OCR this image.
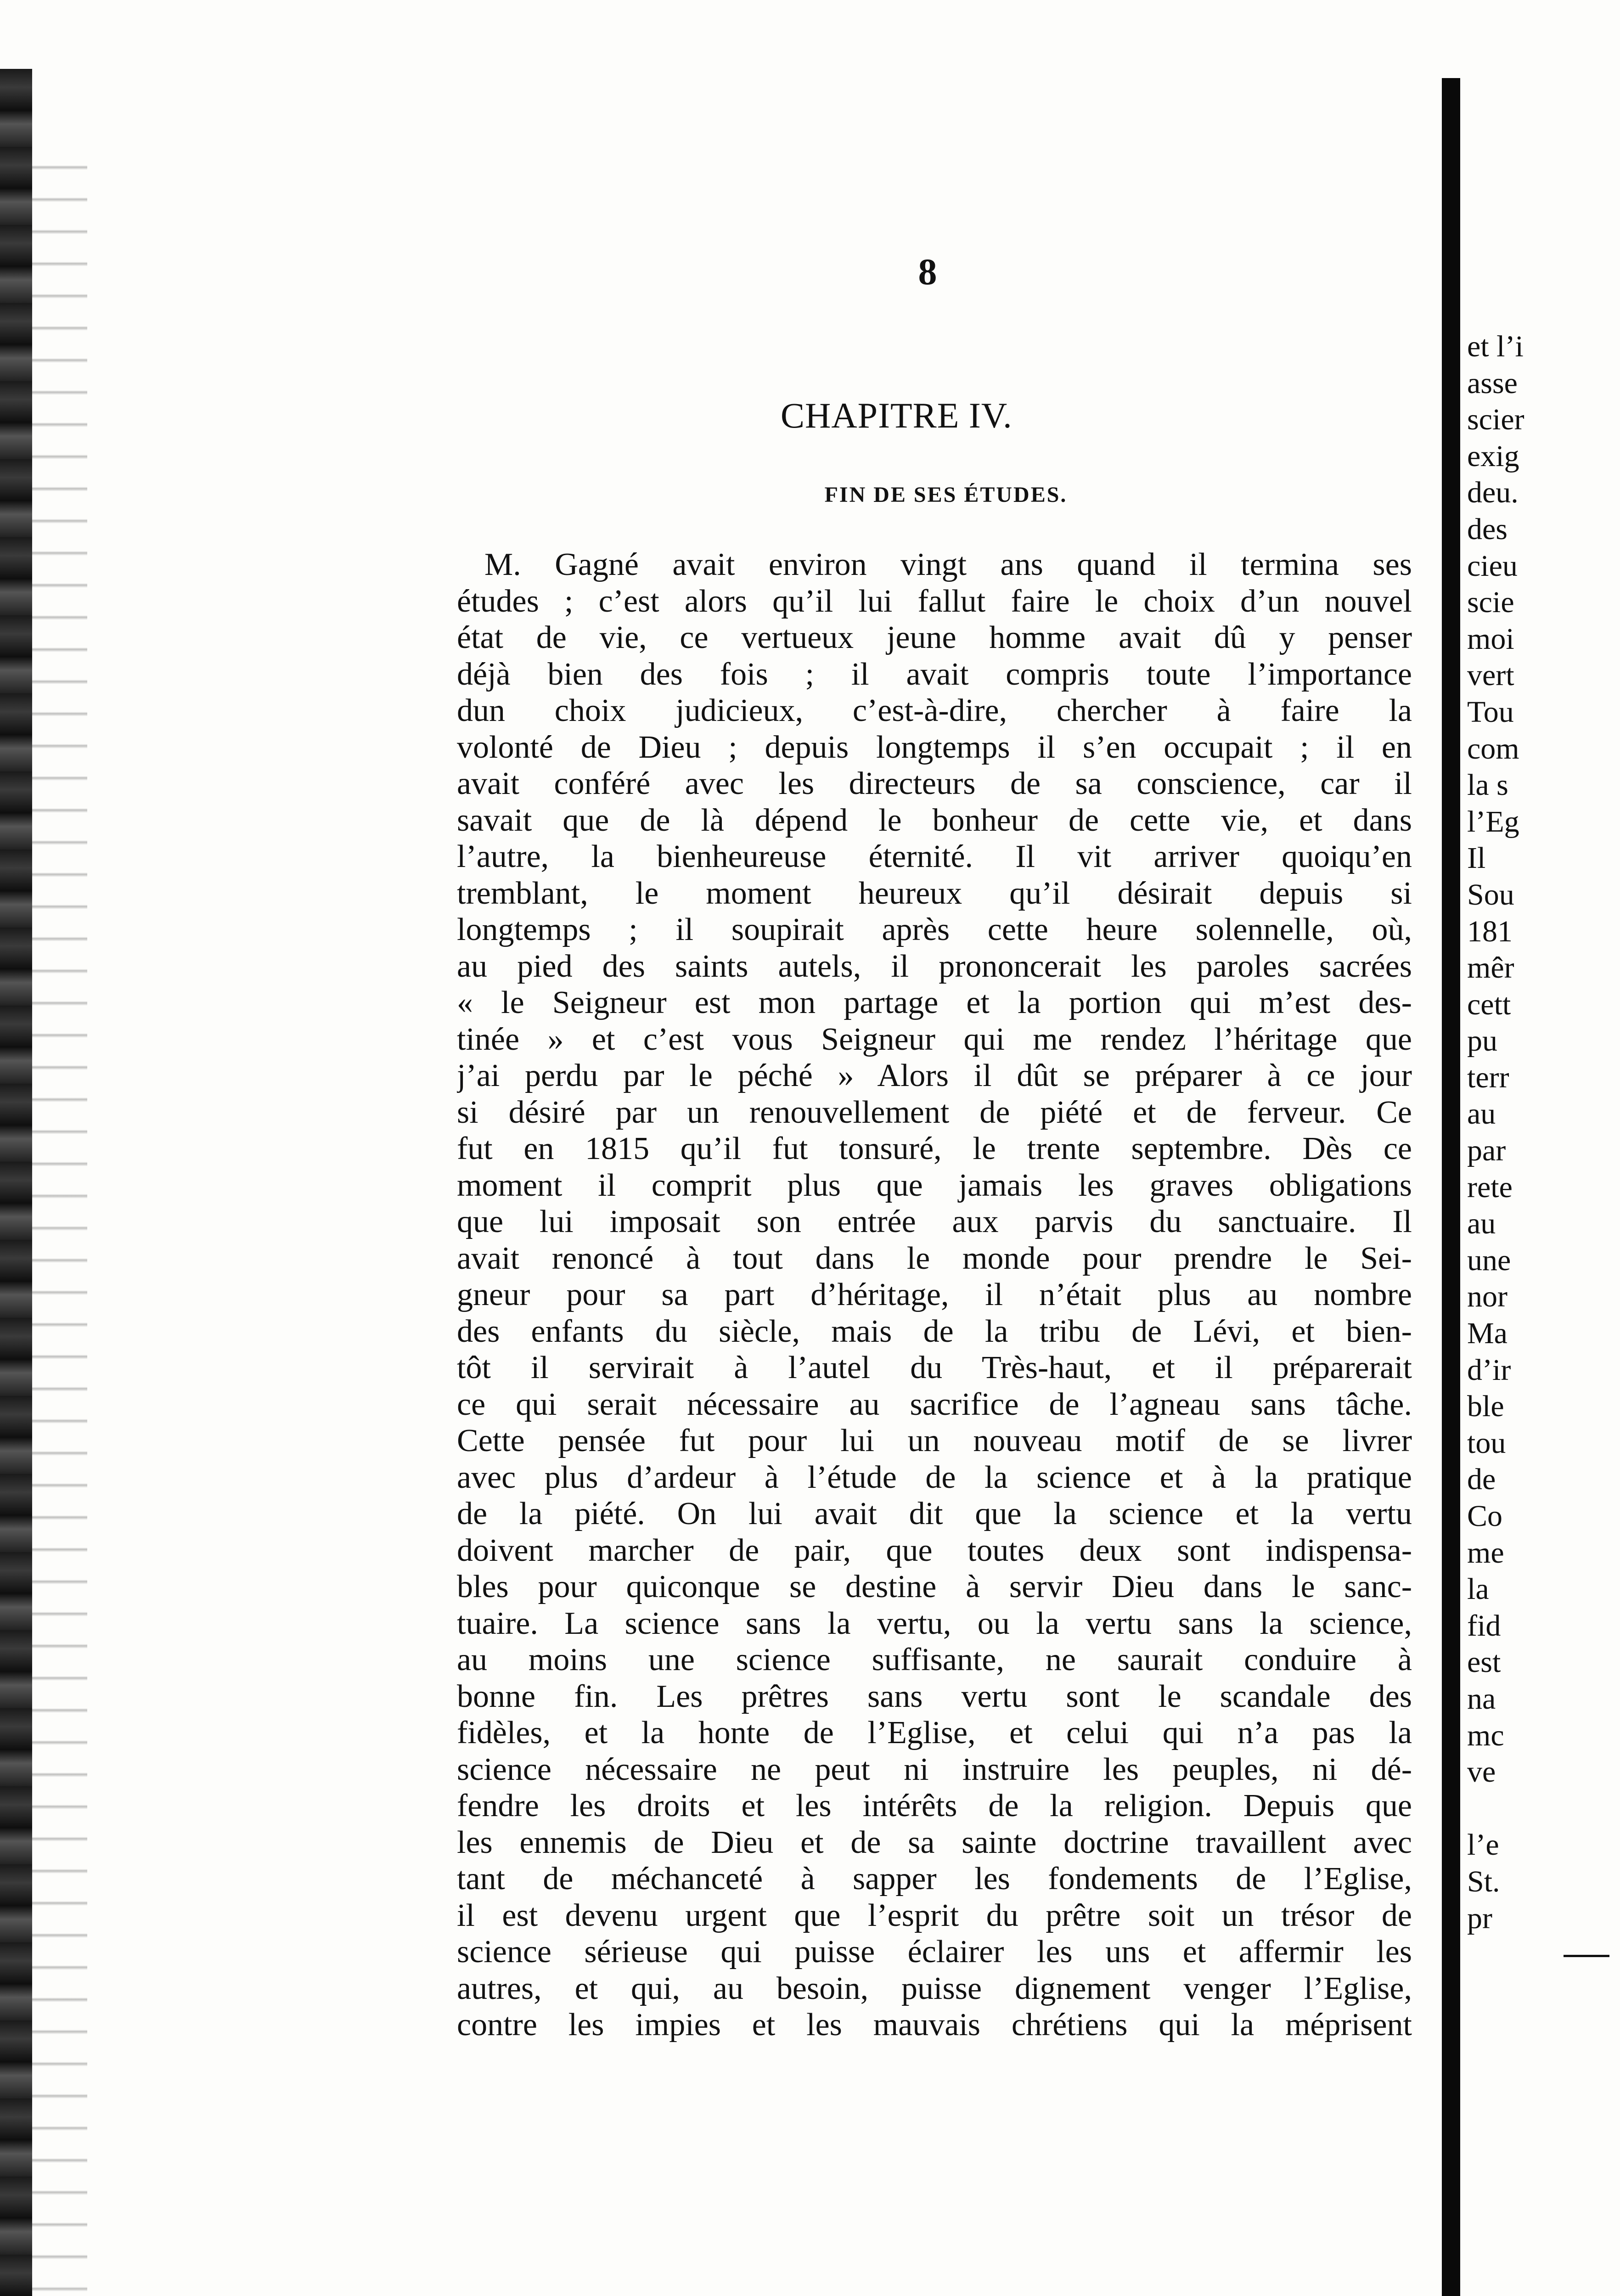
8
CHAPITRE IV.
FIN DE SES ÉTUDES.
M. Gagné avait environ vingt ans quand il termina ses
études ; c’est alors qu’il lui fallut faire le choix d’un nouvel
état de vie, ce vertueux jeune homme avait dû y penser
déjà bien des fois ; il avait compris toute l’importance
dun choix judicieux, c’est-à-dire, chercher à faire la
volonté de Dieu ; depuis longtemps il s’en occupait ; il en
avait conféré avec les directeurs de sa conscience, car il
savait que de là dépend le bonheur de cette vie, et dans
l’autre, la bienheureuse éternité. Il vit arriver quoiqu’en
tremblant, le moment heureux qu’il désirait depuis si
longtemps ; il soupirait après cette heure solennelle, où,
au pied des saints autels, il prononcerait les paroles sacrées
« le Seigneur est mon partage et la portion qui m’est des-
tinée » et c’est vous Seigneur qui me rendez l’héritage que
j’ai perdu par le péché » Alors il dût se préparer à ce jour
si désiré par un renouvellement de piété et de ferveur. Ce
fut en 1815 qu’il fut tonsuré, le trente septembre. Dès ce
moment il comprit plus que jamais les graves obligations
que lui imposait son entrée aux parvis du sanctuaire. Il
avait renoncé à tout dans le monde pour prendre le Sei-
gneur pour sa part d’héritage, il n’était plus au nombre
des enfants du siècle, mais de la tribu de Lévi, et bien-
tôt il servirait à l’autel du Très-haut, et il préparerait
ce qui serait nécessaire au sacrifice de l’agneau sans tâche.
Cette pensée fut pour lui un nouveau motif de se livrer
avec plus d’ardeur à l’étude de la science et à la pratique
de la piété. On lui avait dit que la science et la vertu
doivent marcher de pair, que toutes deux sont indispensa-
bles pour quiconque se destine à servir Dieu dans le sanc-
tuaire. La science sans la vertu, ou la vertu sans la science,
au moins une science suffisante, ne saurait conduire à
bonne fin. Les prêtres sans vertu sont le scandale des
fidèles, et la honte de l’Eglise, et celui qui n’a pas la
science nécessaire ne peut ni instruire les peuples, ni dé-
fendre les droits et les intérêts de la religion. Depuis que
les ennemis de Dieu et de sa sainte doctrine travaillent avec
tant de méchanceté à sapper les fondements de l’Eglise,
il est devenu urgent que l’esprit du prêtre soit un trésor de
science sérieuse qui puisse éclairer les uns et affermir les
autres, et qui, au besoin, puisse dignement venger l’Eglise,
contre les impies et les mauvais chrétiens qui la méprisent
et l’i
asse
scier
exig
deu.
des
cieu
scie
moi
vert
Tou
com
la s
l’Eg
Il
Sou
181
mêr
cett
pu
terr
au
par
rete
au
une
nor
Ma
d’ir
ble
tou
de
Co
me
la
fid
est
na
mc
ve
l’e
St.
pr
